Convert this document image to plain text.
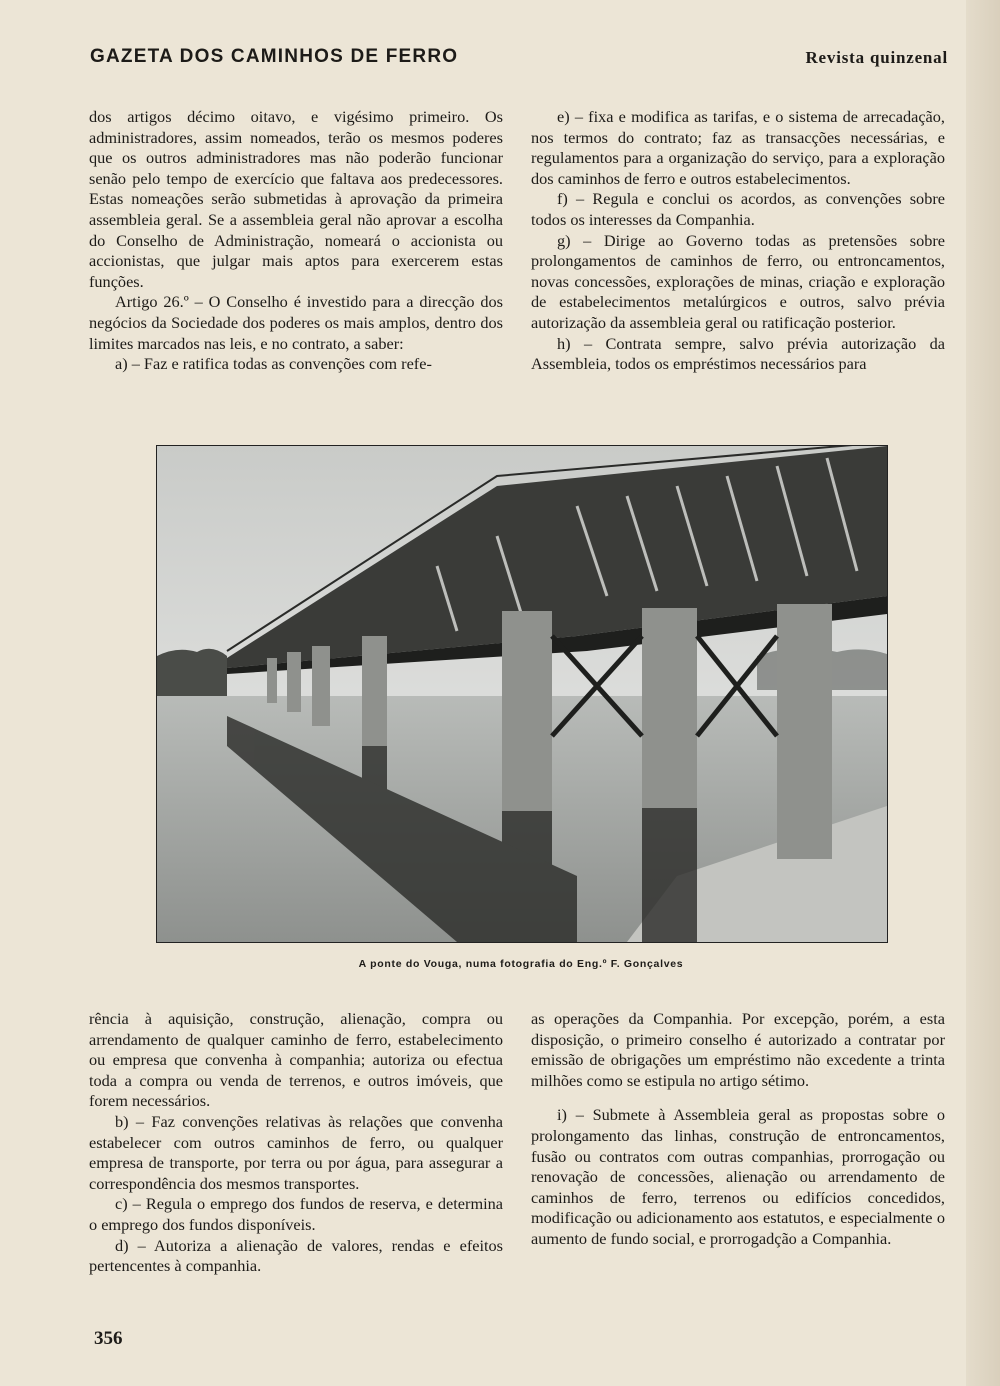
GAZETA DOS CAMINHOS DE FERRO	Revista quinzenal

dos artigos décimo oitavo, e vigésimo primeiro. Os administradores, assim nomeados, terão os mesmos poderes que os outros administradores mas não poderão funcionar senão pelo tempo de exercício que faltava aos predecessores. Estas nomeações serão submetidas à aprovação da primeira assembleia geral. Se a assembleia geral não aprovar a escolha do Conselho de Administração, nomeará o accionista ou accionistas, que julgar mais aptos para exercerem estas funções.

Artigo 26.º – O Conselho é investido para a direcção dos negócios da Sociedade dos poderes os mais amplos, dentro dos limites marcados nas leis, e no contrato, a saber:

a) – Faz e ratifica todas as convenções com refe-

e) – fixa e modifica as tarifas, e o sistema de arrecadação, nos termos do contrato; faz as transacções necessárias, e regulamentos para a organização do serviço, para a exploração dos caminhos de ferro e outros estabelecimentos.

f) – Regula e conclui os acordos, as convenções sobre todos os interesses da Companhia.

g) – Dirige ao Governo todas as pretensões sobre prolongamentos de caminhos de ferro, ou entroncamentos, novas concessões, explorações de minas, criação e exploração de estabelecimentos metalúrgicos e outros, salvo prévia autorização da assembleia geral ou ratificação posterior.

h) – Contrata sempre, salvo prévia autorização da Assembleia, todos os empréstimos necessários para

A ponte do Vouga, numa fotografia do Eng.º F. Gonçalves

rência à aquisição, construção, alienação, compra ou arrendamento de qualquer caminho de ferro, estabelecimento ou empresa que convenha à companhia; autoriza ou efectua toda a compra ou venda de terrenos, e outros imóveis, que forem necessários.

b) – Faz convenções relativas às relações que convenha estabelecer com outros caminhos de ferro, ou qualquer empresa de transporte, por terra ou por água, para assegurar a correspondência dos mesmos transportes.

c) – Regula o emprego dos fundos de reserva, e determina o emprego dos fundos disponíveis.

d) – Autoriza a alienação de valores, rendas e efeitos pertencentes à companhia.

as operações da Companhia. Por excepção, porém, a esta disposição, o primeiro conselho é autorizado a contratar por emissão de obrigações um empréstimo não excedente a trinta milhões como se estipula no artigo sétimo.

i) – Submete à Assembleia geral as propostas sobre o prolongamento das linhas, construção de entroncamentos, fusão ou contratos com outras companhias, prorrogação ou renovação de concessões, alienação ou arrendamento de caminhos de ferro, terrenos ou edifícios concedidos, modificação ou adicionamento aos estatutos, e especialmente o aumento de fundo social, e prorrogadção a Companhia.

356
